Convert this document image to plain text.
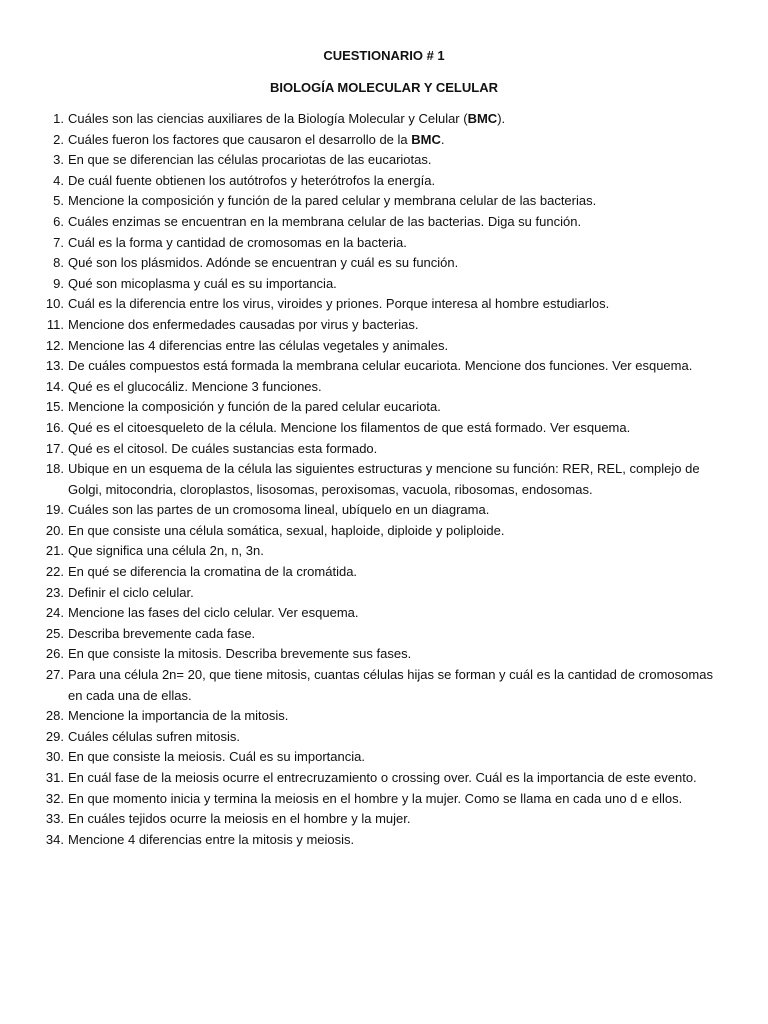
CUESTIONARIO # 1
BIOLOGÍA MOLECULAR Y CELULAR
1. Cuáles son las ciencias auxiliares de la Biología Molecular y Celular (BMC).
2. Cuáles fueron los factores que causaron el desarrollo de la BMC.
3. En que se diferencian las células procariotas de las eucariotas.
4. De cuál fuente obtienen los autótrofos y heterótrofos la energía.
5. Mencione la composición y función de la pared celular y membrana celular de las bacterias.
6. Cuáles enzimas se encuentran en la membrana celular de las bacterias. Diga su función.
7. Cuál es la forma y cantidad de cromosomas en la bacteria.
8. Qué son los plásmidos. Adónde se encuentran y cuál es su función.
9. Qué son micoplasma y cuál es su importancia.
10. Cuál es la diferencia entre los virus, viroides y priones. Porque interesa al hombre estudiarlos.
11. Mencione dos enfermedades causadas por virus y bacterias.
12. Mencione las 4 diferencias entre las células vegetales y animales.
13. De cuáles compuestos está formada la membrana celular eucariota. Mencione dos funciones. Ver esquema.
14. Qué es el glucocáliz. Mencione 3 funciones.
15. Mencione la composición y función de la pared celular eucariota.
16. Qué es el citoesqueleto de la célula. Mencione los filamentos de que está formado. Ver esquema.
17. Qué es el citosol. De cuáles sustancias esta formado.
18. Ubique en un esquema de la célula las siguientes estructuras y mencione su función: RER, REL, complejo de Golgi, mitocondria, cloroplastos, lisosomas, peroxisomas, vacuola, ribosomas, endosomas.
19. Cuáles son las partes de un cromosoma lineal, ubíquelo en un diagrama.
20. En que consiste una célula somática, sexual, haploide, diploide y poliploide.
21. Que significa una célula 2n, n, 3n.
22. En qué se diferencia la cromatina de la cromátida.
23. Definir el ciclo celular.
24. Mencione las fases del ciclo celular. Ver esquema.
25. Describa brevemente cada fase.
26. En que consiste la mitosis. Describa brevemente sus fases.
27. Para una célula 2n= 20, que tiene mitosis, cuantas células hijas se forman y cuál es la cantidad de cromosomas en cada una de ellas.
28. Mencione la importancia de la mitosis.
29. Cuáles células sufren mitosis.
30. En que consiste la meiosis. Cuál es su importancia.
31. En cuál fase de la meiosis ocurre el entrecruzamiento o crossing over. Cuál es la importancia de este evento.
32. En que momento inicia y termina la meiosis en el hombre y la mujer. Como se llama en cada uno d e ellos.
33. En cuáles tejidos ocurre la meiosis en el hombre y la mujer.
34. Mencione 4 diferencias entre la mitosis y meiosis.
